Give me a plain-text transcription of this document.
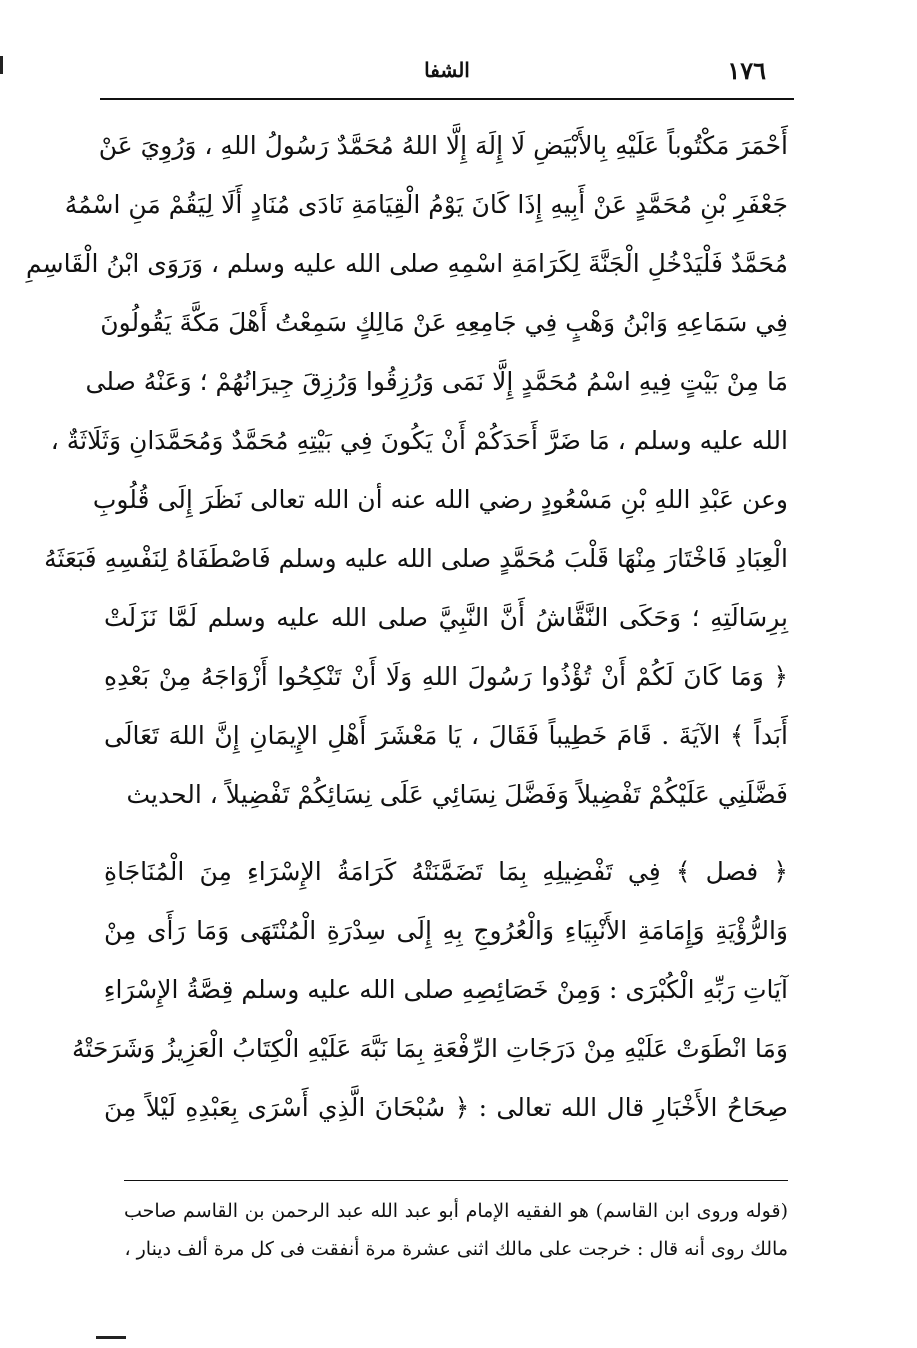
الشفا	١٧٦
أَحْمَرَ مَكْتُوباً عَلَيْهِ بِالأَبْيَضِ لَا إِلَهَ إِلَّا اللهُ مُحَمَّدٌ رَسُولُ اللهِ ، وَرُوِيَ عَنْ
جَعْفَرِ بْنِ مُحَمَّدٍ عَنْ أَبِيهِ إِذَا كَانَ يَوْمُ الْقِيَامَةِ نَادَى مُنَادٍ أَلَا لِيَقُمْ مَنِ اسْمُهُ
مُحَمَّدٌ فَلْيَدْخُلِ الْجَنَّةَ لِكَرَامَةِ اسْمِهِ صلى الله عليه وسلم ، وَرَوَى ابْنُ الْقَاسِمِ
فِي سَمَاعِهِ وَابْنُ وَهْبٍ فِي جَامِعِهِ عَنْ مَالِكٍ سَمِعْتُ أَهْلَ مَكَّةَ يَقُولُونَ
مَا مِنْ بَيْتٍ فِيهِ اسْمُ مُحَمَّدٍ إِلَّا نَمَى وَرُزِقُوا وَرُزِقَ جِيرَانُهُمْ ؛ وَعَنْهُ صلى
الله عليه وسلم ، مَا ضَرَّ أَحَدَكُمْ أَنْ يَكُونَ فِي بَيْتِهِ مُحَمَّدٌ وَمُحَمَّدَانِ وَثَلَاثَةٌ ،
وعن عَبْدِ اللهِ بْنِ مَسْعُودٍ رضي الله عنه أن الله تعالى نَظَرَ إِلَى قُلُوبِ
الْعِبَادِ فَاخْتَارَ مِنْهَا قَلْبَ مُحَمَّدٍ صلى الله عليه وسلم فَاصْطَفَاهُ لِنَفْسِهِ فَبَعَثَهُ
بِرِسَالَتِهِ ؛ وَحَكَى النَّقَّاشُ أَنَّ النَّبِيَّ صلى الله عليه وسلم لَمَّا نَزَلَتْ
﴿ وَمَا كَانَ لَكُمْ أَنْ تُؤْذُوا رَسُولَ اللهِ وَلَا أَنْ تَنْكِحُوا أَزْوَاجَهُ مِنْ بَعْدِهِ
أَبَداً ﴾ الآيَةَ . قَامَ خَطِيباً فَقَالَ ، يَا مَعْشَرَ أَهْلِ الإِيمَانِ إِنَّ اللهَ تَعَالَى
فَضَّلَنِي عَلَيْكُمْ تَفْضِيلاً وَفَضَّلَ نِسَائِي عَلَى نِسَائِكُمْ تَفْضِيلاً ، الحديث
﴿ فصل ﴾ فِي تَفْضِيلِهِ بِمَا تَضَمَّنَتْهُ كَرَامَةُ الإِسْرَاءِ مِنَ الْمُنَاجَاةِ
وَالرُّؤْيَةِ وَإِمَامَةِ الأَنْبِيَاءِ وَالْعُرُوجِ بِهِ إِلَى سِدْرَةِ الْمُنْتَهَى وَمَا رَأَى مِنْ
آيَاتِ رَبِّهِ الْكُبْرَى : وَمِنْ خَصَائِصِهِ صلى الله عليه وسلم قِصَّةُ الإِسْرَاءِ
وَمَا انْطَوَتْ عَلَيْهِ مِنْ دَرَجَاتِ الرِّفْعَةِ بِمَا نَبَّهَ عَلَيْهِ الْكِتَابُ الْعَزِيزُ وَشَرَحَتْهُ
صِحَاحُ الأَخْبَارِ قال الله تعالى : ﴿ سُبْحَانَ الَّذِي أَسْرَى بِعَبْدِهِ لَيْلاً مِنَ
(قوله وروى ابن القاسم) هو الفقيه الإمام أبو عبد الله عبد الرحمن بن القاسم صاحب
مالك روى أنه قال : خرجت على مالك اثنى عشرة مرة أنفقت فى كل مرة ألف دينار ،
